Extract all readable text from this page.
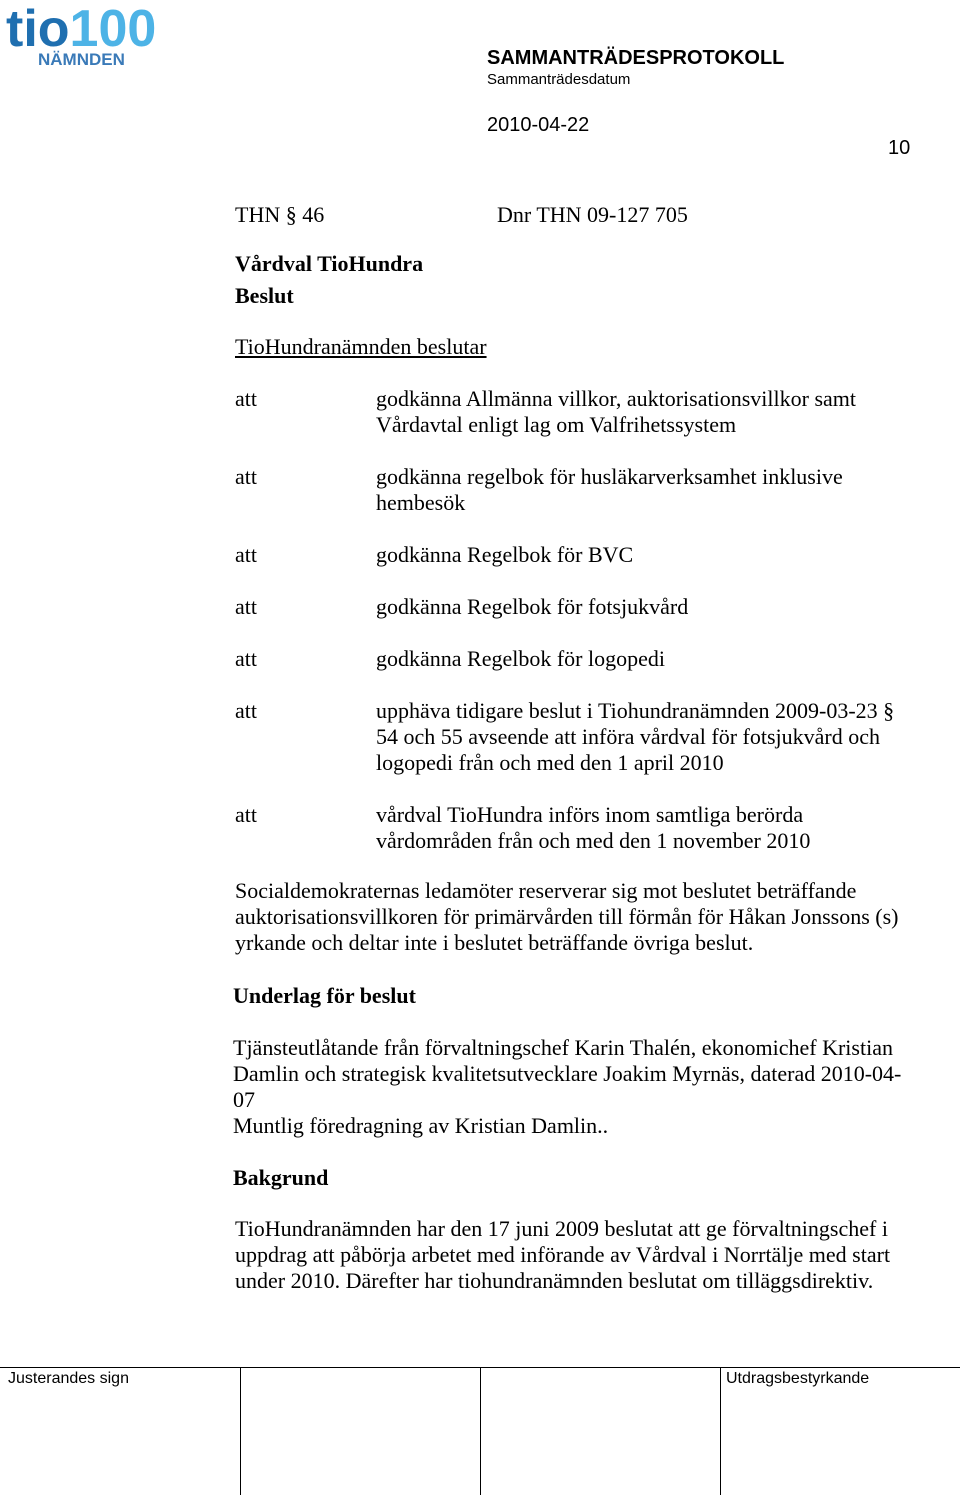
tio100
NÄMNDEN	SAMMANTRÄDESPROTOKOLL
Sammanträdesdatum
2010-04-22
10
THN § 46	Dnr THN 09-127 705
Vårdval TioHundra
Beslut
TioHundranämnden beslutar
att	godkänna Allmänna villkor, auktorisationsvillkor samt
Vårdavtal enligt lag om Valfrihetssystem
att	godkänna regelbok för husläkarverksamhet inklusive
hembesök
att	godkänna Regelbok för BVC
att	godkänna Regelbok för fotsjukvård
att	godkänna Regelbok för logopedi
att	upphäva tidigare beslut i Tiohundranämnden 2009-03-23 §
54 och 55 avseende att införa vårdval för fotsjukvård och
logopedi från och med den 1 april 2010
att	vårdval TioHundra införs inom samtliga berörda
vårdområden från och med den 1 november 2010
Socialdemokraternas ledamöter reserverar sig mot beslutet beträffande
auktorisationsvillkoren för primärvården till förmån för Håkan Jonssons (s)
yrkande och deltar inte i beslutet beträffande övriga beslut.
Underlag för beslut
Tjänsteutlåtande från förvaltningschef Karin Thalén, ekonomichef Kristian
Damlin och strategisk kvalitetsutvecklare Joakim Myrnäs, daterad 2010-04-
07
Muntlig föredragning av Kristian Damlin..
Bakgrund
TioHundranämnden har den 17 juni 2009 beslutat att ge förvaltningschef i
uppdrag att påbörja arbetet med införande av Vårdval i Norrtälje med start
under 2010. Därefter har tiohundranämnden beslutat om tilläggsdirektiv.
Justerandes sign	Utdragsbestyrkande
